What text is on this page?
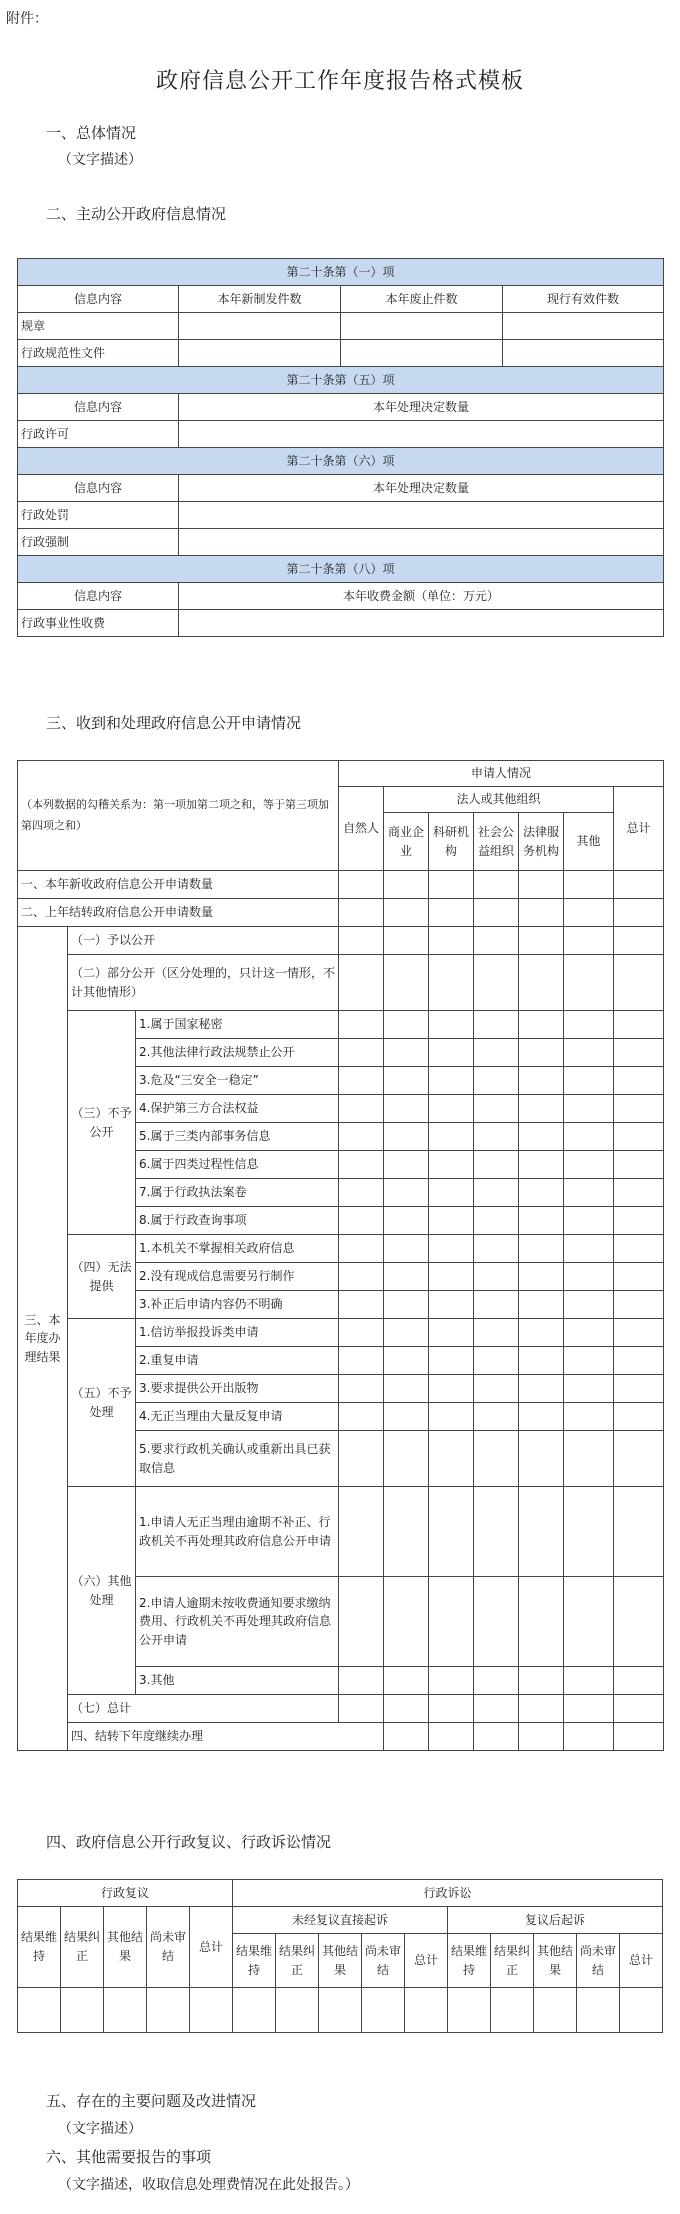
附件：
政府信息公开工作年度报告格式模板
一、总体情况
（文字描述）
二、主动公开政府信息情况
第二十条第（一）项			
信息内容	本年新制发件数	本年废止件数	现行有效件数
规章			
行政规范性文件			
第二十条第（五）项			
信息内容	本年处理决定数量		
行政许可			
第二十条第（六）项			
信息内容	本年处理决定数量		
行政处罚			
行政强制			
第二十条第（八）项			
信息内容	本年收费金额（单位：万元）		
行政事业性收费			
三、收到和处理政府信息公开申请情况
（本列数据的勾稽关系为：第一项加第二项之和，等于第三项加第四项之和）			申请人情况							
			自然人	法人或其他组织					总计	
				商业企业	科研机构	社会公益组织	法律服务机构	其他		
一、本年新收政府信息公开申请数量										
二、上年结转政府信息公开申请数量										
三、本年度办理结果	（一）予以公开									
	（二）部分公开（区分处理的，只计这一情形，不计其他情形）									
	（三）不予公开	1.属于国家秘密								
		2.其他法律行政法规禁止公开								
		3.危及“三安全一稳定”								
		4.保护第三方合法权益								
		5.属于三类内部事务信息								
		6.属于四类过程性信息								
		7.属于行政执法案卷								
		8.属于行政查询事项								
	（四）无法提供	1.本机关不掌握相关政府信息								
		2.没有现成信息需要另行制作								
		3.补正后申请内容仍不明确								
	（五）不予处理	1.信访举报投诉类申请								
		2.重复申请								
		3.要求提供公开出版物								
		4.无正当理由大量反复申请								
		5.要求行政机关确认或重新出具已获取信息								
	（六）其他处理	1.申请人无正当理由逾期不补正、行政机关不再处理其政府信息公开申请								
		2.申请人逾期未按收费通知要求缴纳费用、行政机关不再处理其政府信息公开申请								
		3.其他								
	（七）总计									
	四、结转下年度继续办理									
四、政府信息公开行政复议、行政诉讼情况
行政复议					行政诉讼									
结果维持	结果纠正	其他结果	尚未审结	总计	未经复议直接起诉					复议后起诉				
					结果维持	结果纠正	其他结果	尚未审结	总计	结果维持	结果纠正	其他结果	尚未审结	总计

五、存在的主要问题及改进情况
（文字描述）
六、其他需要报告的事项
（文字描述，收取信息处理费情况在此处报告。）
